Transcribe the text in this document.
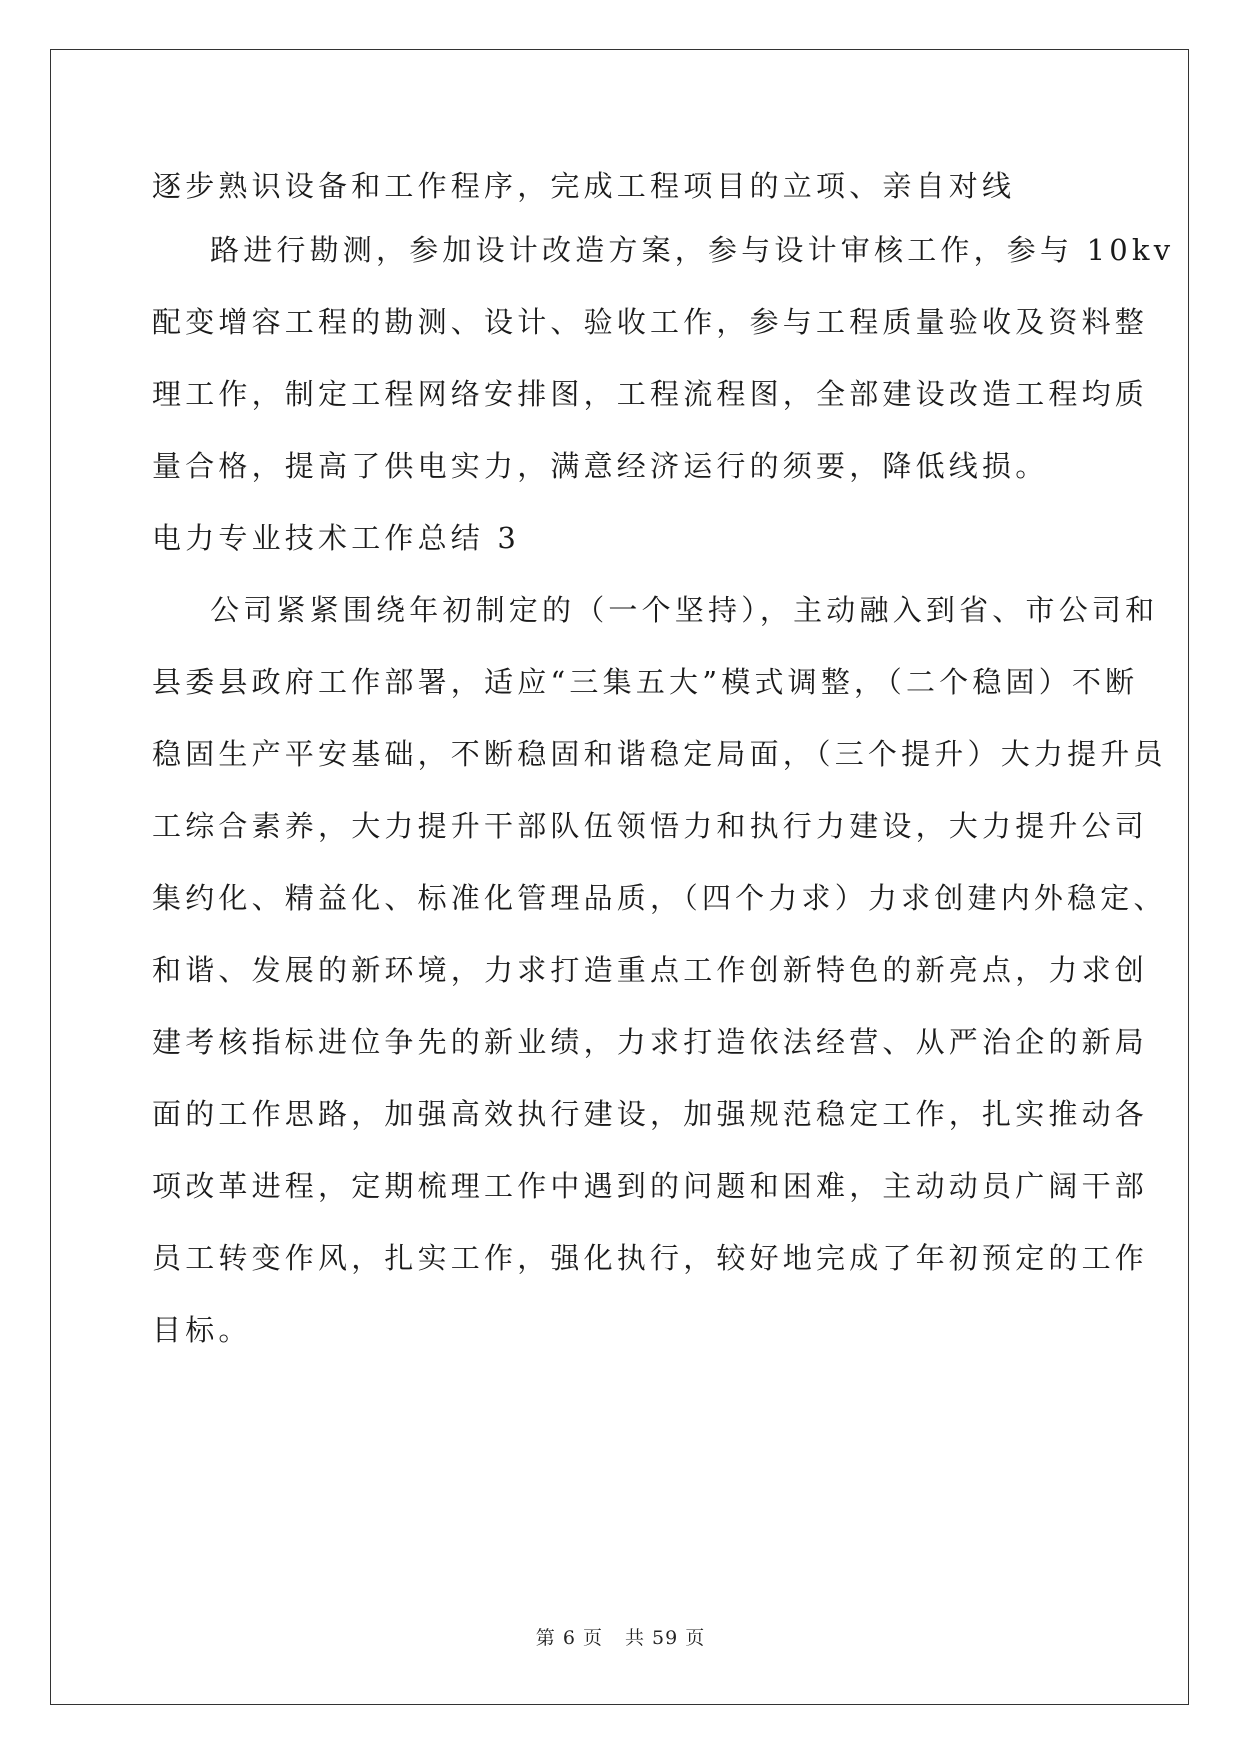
逐步熟识设备和工作程序，完成工程项目的立项、亲自对线
路进行勘测，参加设计改造方案，参与设计审核工作，参与 10kv
配变增容工程的勘测、设计、验收工作，参与工程质量验收及资料整
理工作，制定工程网络安排图，工程流程图，全部建设改造工程均质
量合格，提高了供电实力，满意经济运行的须要，降低线损。
电力专业技术工作总结 3
公司紧紧围绕年初制定的（一个坚持），主动融入到省、市公司和
县委县政府工作部署，适应“三集五大”模式调整，（二个稳固）不断
稳固生产平安基础，不断稳固和谐稳定局面，（三个提升）大力提升员
工综合素养，大力提升干部队伍领悟力和执行力建设，大力提升公司
集约化、精益化、标准化管理品质，（四个力求）力求创建内外稳定、
和谐、发展的新环境，力求打造重点工作创新特色的新亮点，力求创
建考核指标进位争先的新业绩，力求打造依法经营、从严治企的新局
面的工作思路，加强高效执行建设，加强规范稳定工作，扎实推动各
项改革进程，定期梳理工作中遇到的问题和困难，主动动员广阔干部
员工转变作风，扎实工作，强化执行，较好地完成了年初预定的工作
目标。
第 6 页 共 59 页
